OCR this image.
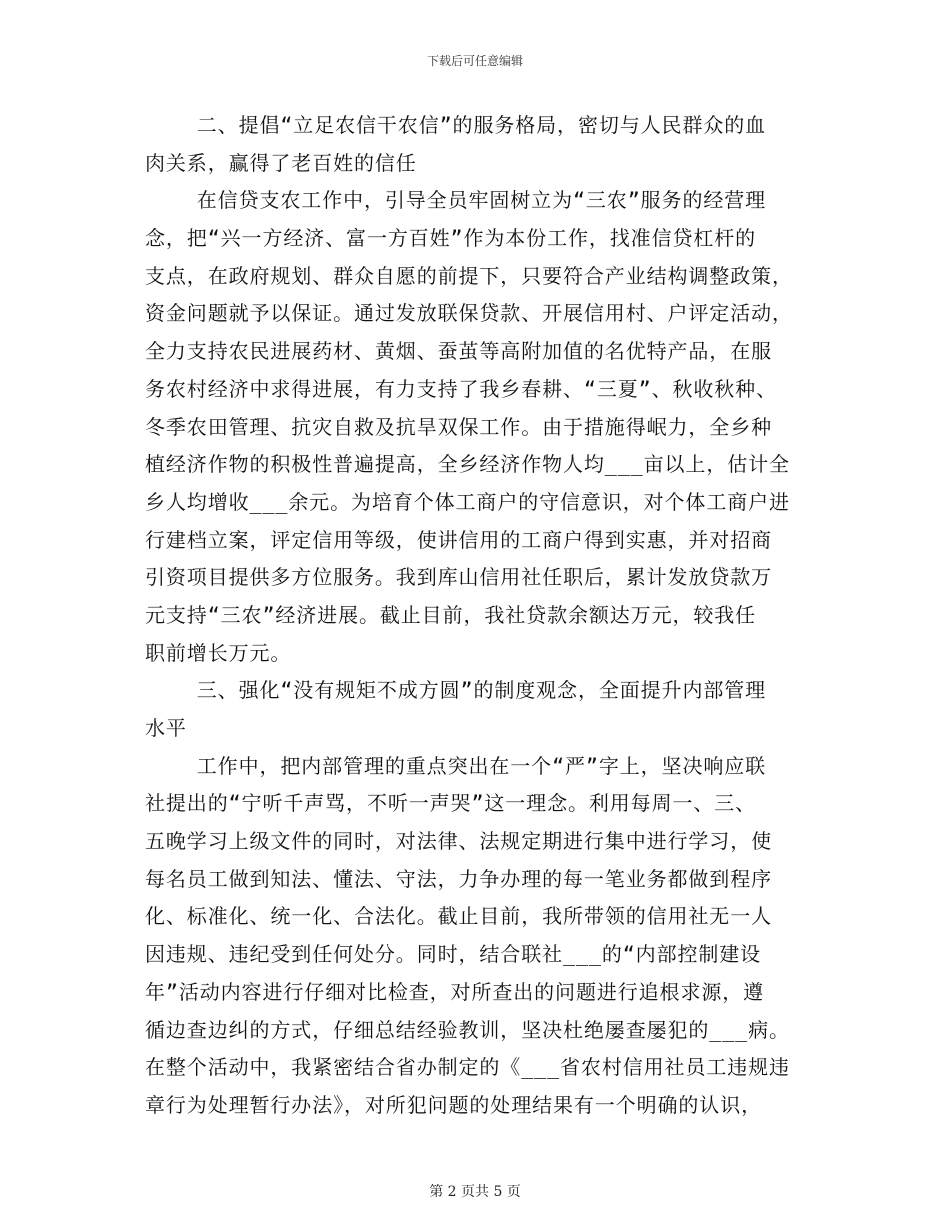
下载后可任意编辑
二、提倡“立足农信干农信”的服务格局，密切与人民群众的血
肉关系，赢得了老百姓的信任
在信贷支农工作中，引导全员牢固树立为“三农”服务的经营理
念，把“兴一方经济、富一方百姓”作为本份工作，找准信贷杠杆的
支点，在政府规划、群众自愿的前提下，只要符合产业结构调整政策，
资金问题就予以保证。通过发放联保贷款、开展信用村、户评定活动，
全力支持农民进展药材、黄烟、蚕茧等高附加值的名优特产品，在服
务农村经济中求得进展，有力支持了我乡春耕、“三夏”、秋收秋种、
冬季农田管理、抗灾自救及抗旱双保工作。由于措施得岷力，全乡种
植经济作物的积极性普遍提高，全乡经济作物人均___亩以上，估计全
乡人均增收___余元。为培育个体工商户的守信意识，对个体工商户进
行建档立案，评定信用等级，使讲信用的工商户得到实惠，并对招商
引资项目提供多方位服务。我到库山信用社任职后，累计发放贷款万
元支持“三农”经济进展。截止目前，我社贷款余额达万元，较我任
职前增长万元。
三、强化“没有规矩不成方圆”的制度观念，全面提升内部管理
水平
工作中，把内部管理的重点突出在一个“严”字上，坚决响应联
社提出的“宁听千声骂，不听一声哭”这一理念。利用每周一、三、
五晚学习上级文件的同时，对法律、法规定期进行集中进行学习，使
每名员工做到知法、懂法、守法，力争办理的每一笔业务都做到程序
化、标准化、统一化、合法化。截止目前，我所带领的信用社无一人
因违规、违纪受到任何处分。同时，结合联社___的“内部控制建设
年”活动内容进行仔细对比检查，对所查出的问题进行追根求源，遵
循边查边纠的方式，仔细总结经验教训，坚决杜绝屡查屡犯的___病。
在整个活动中，我紧密结合省办制定的《___省农村信用社员工违规违
章行为处理暂行办法》，对所犯问题的处理结果有一个明确的认识，
第 2 页共 5 页
